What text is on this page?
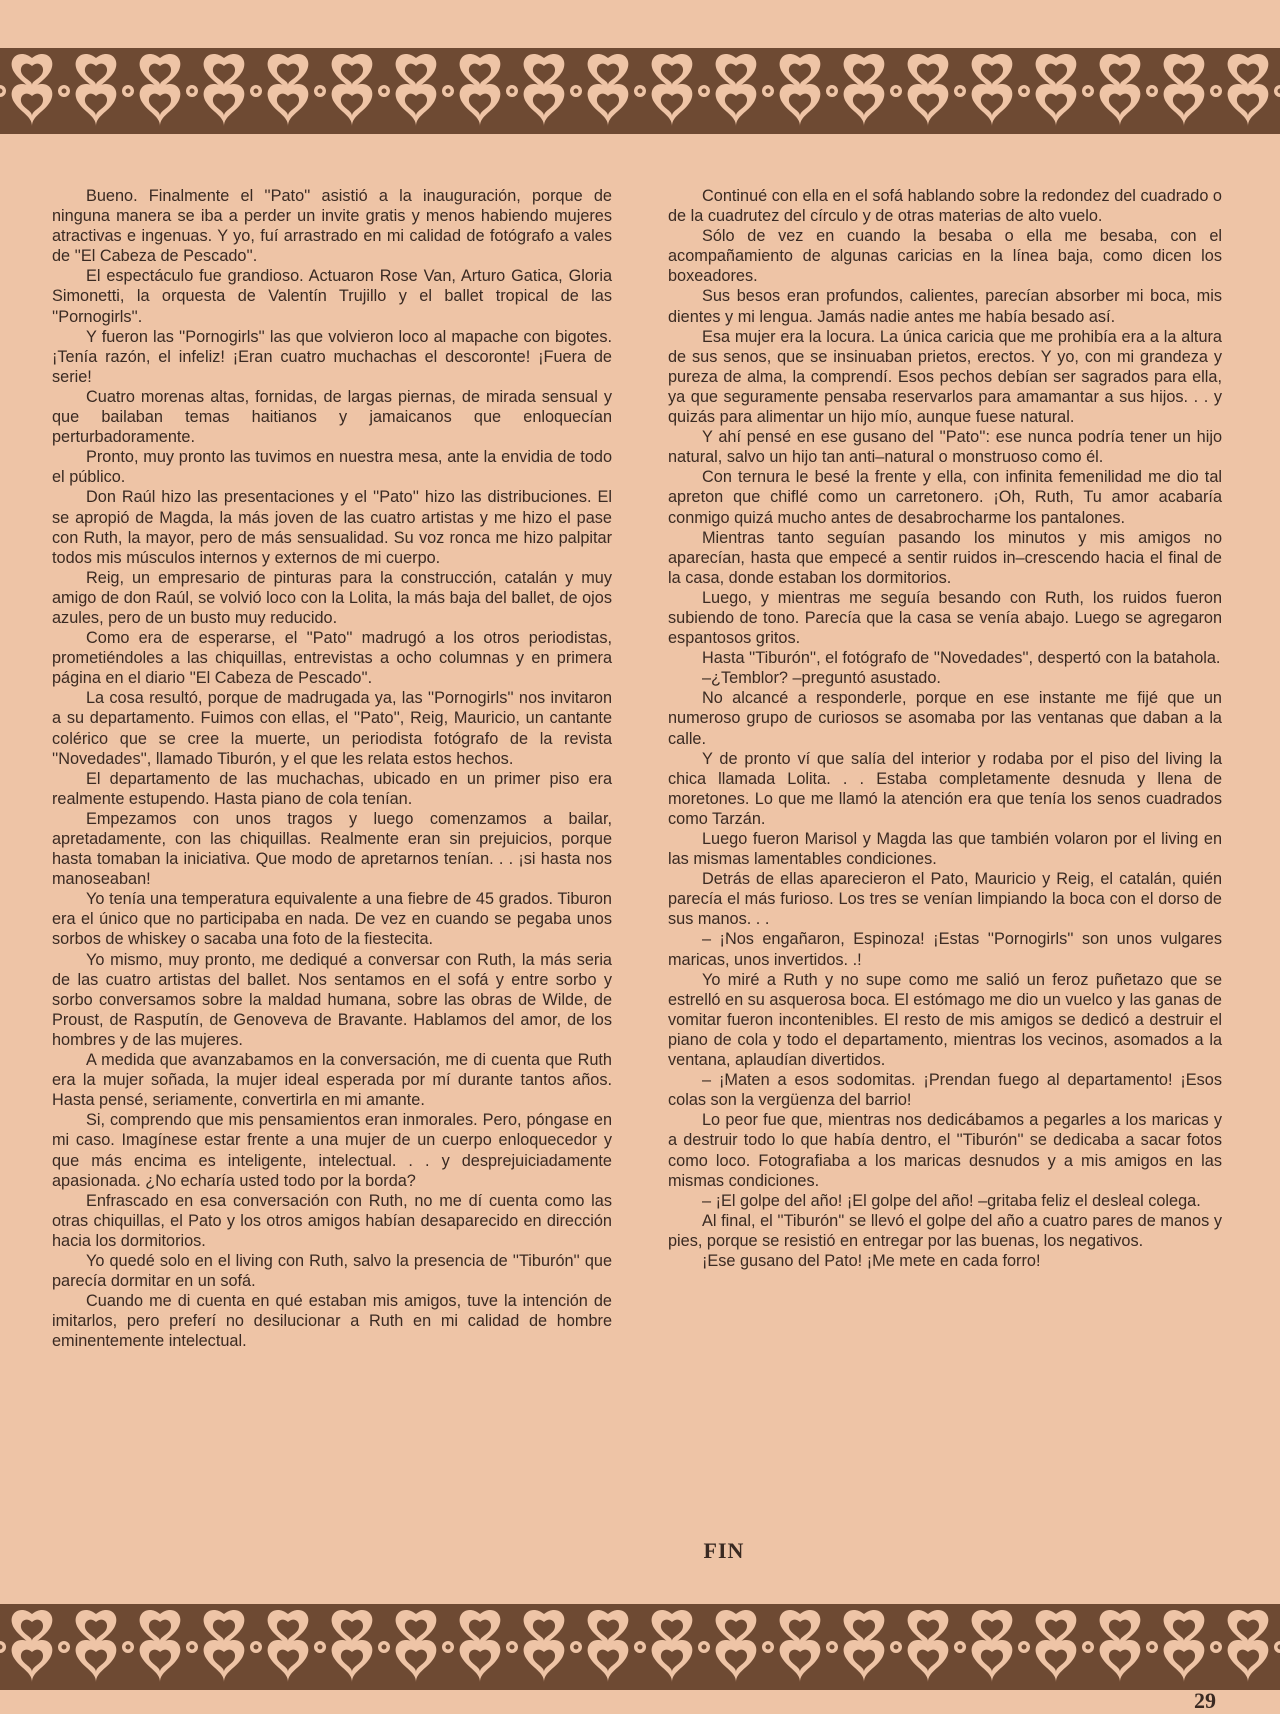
Bueno. Finalmente el ''Pato'' asistió a la inauguración, porque de ninguna manera se iba a perder un invite gratis y menos habiendo mujeres atractivas e ingenuas. Y yo, fuí arrastrado en mi calidad de fotógrafo a vales de ''El Cabeza de Pescado''.

El espectáculo fue grandioso. Actuaron Rose Van, Arturo Gatica, Gloria Simonetti, la orquesta de Valentín Trujillo y el ballet tropical de las ''Pornogirls''.

Y fueron las ''Pornogirls'' las que volvieron loco al mapache con bigotes. ¡Tenía razón, el infeliz! ¡Eran cuatro muchachas el descoronte! ¡Fuera de serie!

Cuatro morenas altas, fornidas, de largas piernas, de mirada sensual y que bailaban temas haitianos y jamaicanos que enloquecían perturbadoramente.

Pronto, muy pronto las tuvimos en nuestra mesa, ante la envidia de todo el público.

Don Raúl hizo las presentaciones y el ''Pato'' hizo las distribuciones. El se apropió de Magda, la más joven de las cuatro artistas y me hizo el pase con Ruth, la mayor, pero de más sensualidad. Su voz ronca me hizo palpitar todos mis músculos internos y externos de mi cuerpo.

Reig, un empresario de pinturas para la construcción, catalán y muy amigo de don Raúl, se volvió loco con la Lolita, la más baja del ballet, de ojos azules, pero de un busto muy reducido.

Como era de esperarse, el ''Pato'' madrugó a los otros periodistas, prometiéndoles a las chiquillas, entrevistas a ocho columnas y en primera página en el diario ''El Cabeza de Pescado''.

La cosa resultó, porque de madrugada ya, las ''Pornogirls'' nos invitaron a su departamento. Fuimos con ellas, el ''Pato'', Reig, Mauricio, un cantante colérico que se cree la muerte, un periodista fotógrafo de la revista ''Novedades'', llamado Tiburón, y el que les relata estos hechos.

El departamento de las muchachas, ubicado en un primer piso era realmente estupendo. Hasta piano de cola tenían.

Empezamos con unos tragos y luego comenzamos a bailar, apretadamente, con las chiquillas. Realmente eran sin prejuicios, porque hasta tomaban la iniciativa. Que modo de apretarnos tenían. . . ¡si hasta nos manoseaban!

Yo tenía una temperatura equivalente a una fiebre de 45 grados. Tiburon era el único que no participaba en nada. De vez en cuando se pegaba unos sorbos de whiskey o sacaba una foto de la fiestecita.

Yo mismo, muy pronto, me dediqué a conversar con Ruth, la más seria de las cuatro artistas del ballet. Nos sentamos en el sofá y entre sorbo y sorbo conversamos sobre la maldad humana, sobre las obras de Wilde, de Proust, de Rasputín, de Genoveva de Bravante. Hablamos del amor, de los hombres y de las mujeres.

A medida que avanzabamos en la conversación, me di cuenta que Ruth era la mujer soñada, la mujer ideal esperada por mí durante tantos años. Hasta pensé, seriamente, convertirla en mi amante.

Si, comprendo que mis pensamientos eran inmorales. Pero, póngase en mi caso. Imagínese estar frente a una mujer de un cuerpo enloquecedor y que más encima es inteligente, intelectual. . . y desprejuiciadamente apasionada. ¿No echaría usted todo por la borda?

Enfrascado en esa conversación con Ruth, no me dí cuenta como las otras chiquillas, el Pato y los otros amigos habían desaparecido en dirección hacia los dormitorios.

Yo quedé solo en el living con Ruth, salvo la presencia de ''Tiburón'' que parecía dormitar en un sofá.

Cuando me di cuenta en qué estaban mis amigos, tuve la intención de imitarlos, pero preferí no desilucionar a Ruth en mi calidad de hombre eminentemente intelectual.

Continué con ella en el sofá hablando sobre la redondez del cuadrado o de la cuadrutez del círculo y de otras materias de alto vuelo.

Sólo de vez en cuando la besaba o ella me besaba, con el acompañamiento de algunas caricias en la línea baja, como dicen los boxeadores.

Sus besos eran profundos, calientes, parecían absorber mi boca, mis dientes y mi lengua. Jamás nadie antes me había besado así.

Esa mujer era la locura. La única caricia que me prohibía era a la altura de sus senos, que se insinuaban prietos, erectos. Y yo, con mi grandeza y pureza de alma, la comprendí. Esos pechos debían ser sagrados para ella, ya que seguramente pensaba reservarlos para amamantar a sus hijos. . . y quizás para alimentar un hijo mío, aunque fuese natural.

Y ahí pensé en ese gusano del ''Pato'': ese nunca podría tener un hijo natural, salvo un hijo tan anti–natural o monstruoso como él.

Con ternura le besé la frente y ella, con infinita femenilidad me dio tal apreton que chiflé como un carretonero. ¡Oh, Ruth, Tu amor acabaría conmigo quizá mucho antes de desabrocharme los pantalones.

Mientras tanto seguían pasando los minutos y mis amigos no aparecían, hasta que empecé a sentir ruidos in–crescendo hacia el final de la casa, donde estaban los dormitorios.

Luego, y mientras me seguía besando con Ruth, los ruidos fueron subiendo de tono. Parecía que la casa se venía abajo. Luego se agregaron espantosos gritos.

Hasta ''Tiburón'', el fotógrafo de ''Novedades'', despertó con la batahola.

–¿Temblor? –preguntó asustado.

No alcancé a responderle, porque en ese instante me fijé que un numeroso grupo de curiosos se asomaba por las ventanas que daban a la calle.

Y de pronto ví que salía del interior y rodaba por el piso del living la chica llamada Lolita. . . Estaba completamente desnuda y llena de moretones. Lo que me llamó la atención era que tenía los senos cuadrados como Tarzán.

Luego fueron Marisol y Magda las que también volaron por el living en las mismas lamentables condiciones.

Detrás de ellas aparecieron el Pato, Mauricio y Reig, el catalán, quién parecía el más furioso. Los tres se venían limpiando la boca con el dorso de sus manos. . .

– ¡Nos engañaron, Espinoza! ¡Estas ''Pornogirls'' son unos vulgares maricas, unos invertidos. .!

Yo miré a Ruth y no supe como me salió un feroz puñetazo que se estrelló en su asquerosa boca. El estómago me dio un vuelco y las ganas de vomitar fueron incontenibles. El resto de mis amigos se dedicó a destruir el piano de cola y todo el departamento, mientras los vecinos, asomados a la ventana, aplaudían divertidos.

– ¡Maten a esos sodomitas. ¡Prendan fuego al departamento! ¡Esos colas son la vergüenza del barrio!

Lo peor fue que, mientras nos dedicábamos a pegarles a los maricas y a destruir todo lo que había dentro, el ''Tiburón'' se dedicaba a sacar fotos como loco. Fotografiaba a los maricas desnudos y a mis amigos en las mismas condiciones.

– ¡El golpe del año! ¡El golpe del año! –gritaba feliz el desleal colega.

Al final, el ''Tiburón'' se llevó el golpe del año a cuatro pares de manos y pies, porque se resistió en entregar por las buenas, los negativos.

¡Ese gusano del Pato! ¡Me mete en cada forro!

FIN
29
